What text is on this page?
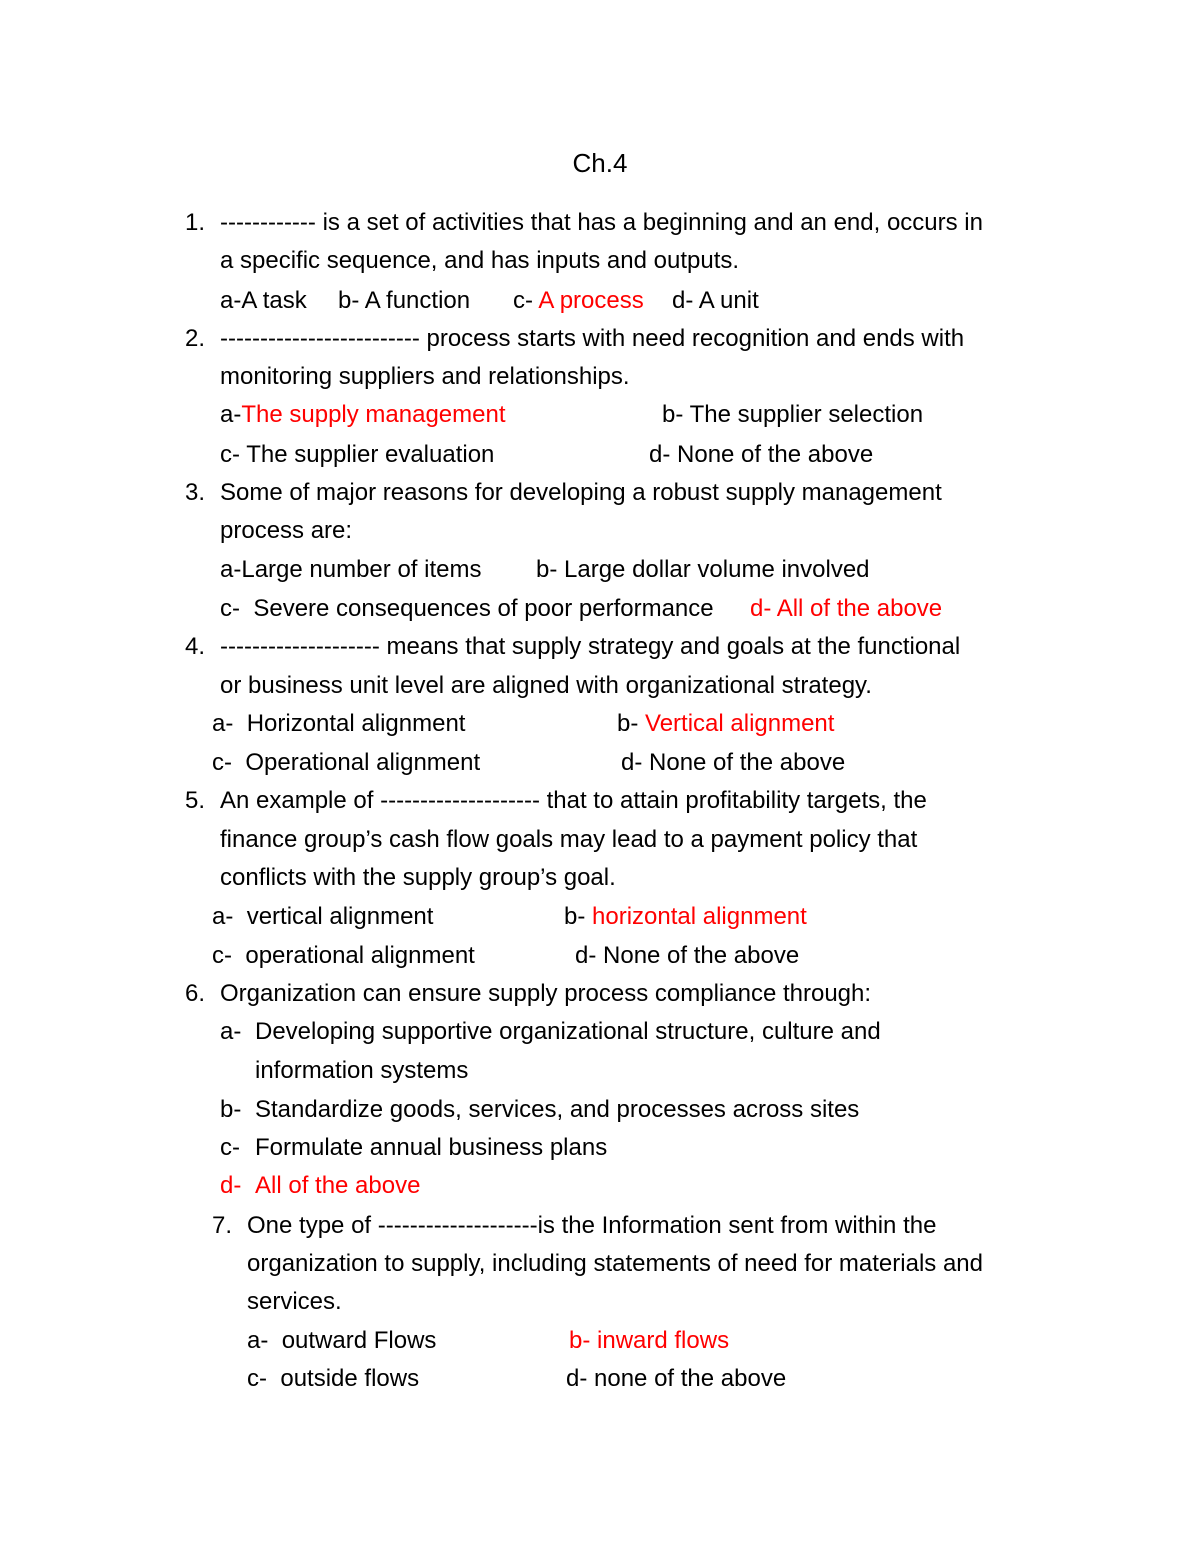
Ch.4
1. ------------ is a set of activities that has a beginning and an end, occurs in
a specific sequence, and has inputs and outputs.
a-A task b- A function c- A process d- A unit
2. ------------------------- process starts with need recognition and ends with
monitoring suppliers and relationships.
a-The supply management	b- The supplier selection
c- The supplier evaluation	d- None of the above
3. Some of major reasons for developing a robust supply management
process are:
a-Large number of items b- Large dollar volume involved
c- Severe consequences of poor performance d- All of the above
4. -------------------- means that supply strategy and goals at the functional
or business unit level are aligned with organizational strategy.
a- Horizontal alignment	b- Vertical alignment
c- Operational alignment	d- None of the above
5. An example of -------------------- that to attain profitability targets, the
finance group’s cash flow goals may lead to a payment policy that
conflicts with the supply group’s goal.
a- vertical alignment	b- horizontal alignment
c- operational alignment	d- None of the above
6. Organization can ensure supply process compliance through:
a- Developing supportive organizational structure, culture and
information systems
b- Standardize goods, services, and processes across sites
c- Formulate annual business plans
d- All of the above
7. One type of --------------------is the Information sent from within the
organization to supply, including statements of need for materials and
services.
a- outward Flows	b- inward flows
c- outside flows	d- none of the above
